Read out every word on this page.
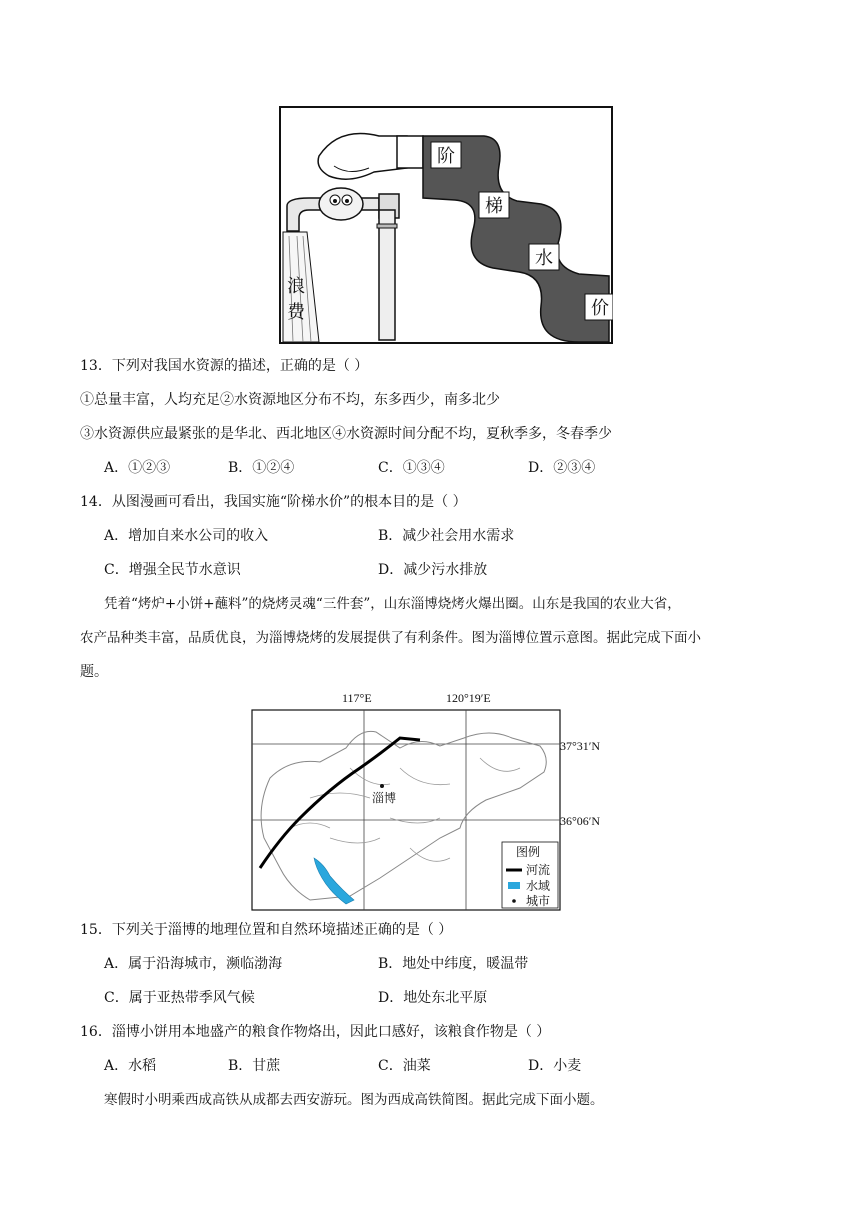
阶
梯
水
价
浪
费
13．下列对我国水资源的描述，正确的是（ ）
①总量丰富，人均充足②水资源地区分布不均，东多西少，南多北少
③水资源供应最紧张的是华北、西北地区④水资源时间分配不均，夏秋季多，冬春季少
A．①②③	B．①②④	C．①③④	D．②③④
14．从图漫画可看出，我国实施“阶梯水价”的根本目的是（ ）
A．增加自来水公司的收入	B．减少社会用水需求
C．增强全民节水意识	D．减少污水排放
凭着“烤炉+小饼+蘸料”的烧烤灵魂“三件套”，山东淄博烧烤火爆出圈。山东是我国的农业大省，
农产品种类丰富，品质优良，为淄博烧烤的发展提供了有利条件。图为淄博位置示意图。据此完成下面小
题。
117°E	120°19′E
37°31′N
36°06′N
淄博
图例
河流
水域
城市
15．下列关于淄博的地理位置和自然环境描述正确的是（ ）
A．属于沿海城市，濒临渤海	B．地处中纬度，暖温带
C．属于亚热带季风气候	D．地处东北平原
16．淄博小饼用本地盛产的粮食作物烙出，因此口感好，该粮食作物是（ ）
A．水稻	B．甘蔗	C．油菜	D．小麦
寒假时小明乘西成高铁从成都去西安游玩。图为西成高铁简图。据此完成下面小题。
